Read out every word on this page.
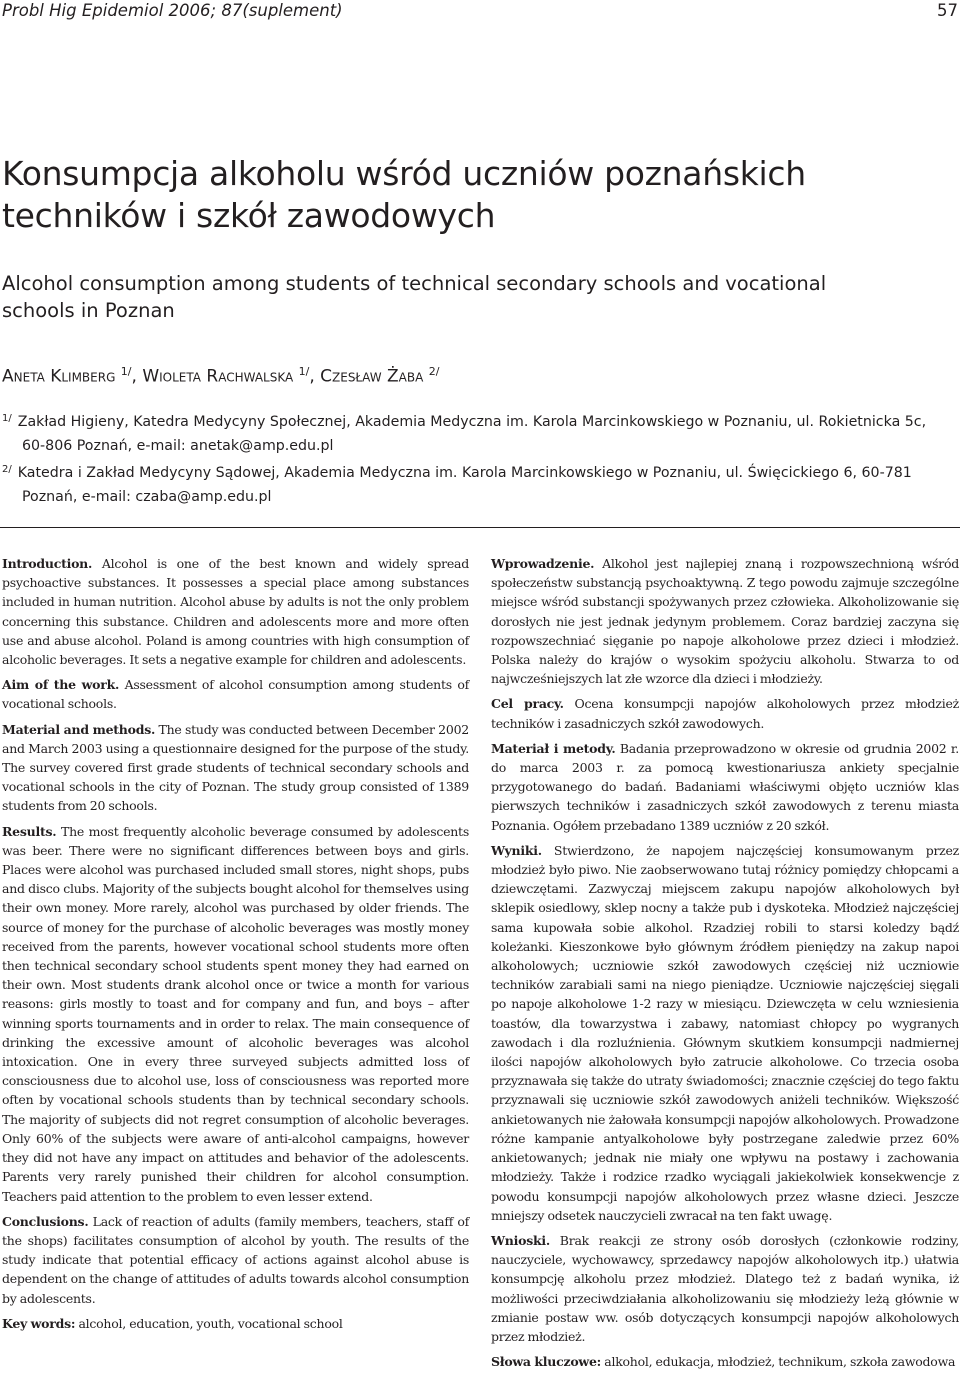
Probl Hig Epidemiol 2006; 87(suplement)	57
Konsumpcja alkoholu wśród uczniów poznańskich
techników i szkół zawodowych
Alcohol consumption among students of technical secondary schools and vocational
schools in Poznan
Aneta Klimberg $^{1/}$, Wioleta Rachwalska $^{1/}$, Czesław Żaba $^{2/}$

$^{1/}$ Zakład Higieny, Katedra Medycyny Społecznej, Akademia Medyczna im. Karola Marcinkowskiego w Poznaniu, ul. Rokietnicka 5c,
60-806 Poznań, e-mail: anetak@amp.edu.pl

$^{2/}$ Katedra i Zakład Medycyny Sądowej, Akademia Medyczna im. Karola Marcinkowskiego w Poznaniu, ul. Święcickiego 6, 60-781
Poznań, e-mail: czaba@amp.edu.pl

Introduction. Alcohol is one of the best known and widely spread psychoactive substances. It possesses a special place among substances included in human nutrition. Alcohol abuse by adults is not the only problem concerning this substance. Children and adolescents more and more often use and abuse alcohol. Poland is among countries with high consumption of alcoholic beverages. It sets a negative example for children and adolescents.

Aim of the work. Assessment of alcohol consumption among students of vocational schools.

Material and methods. The study was conducted between December 2002 and March 2003 using a questionnaire designed for the purpose of the study. The survey covered first grade students of technical secondary schools and vocational schools in the city of Poznan. The study group consisted of 1389 students from 20 schools.

Results. The most frequently alcoholic beverage consumed by adolescents was beer. There were no significant differences between boys and girls. Places were alcohol was purchased included small stores, night shops, pubs and disco clubs. Majority of the subjects bought alcohol for themselves using their own money. More rarely, alcohol was purchased by older friends. The source of money for the purchase of alcoholic beverages was mostly money received from the parents, however vocational school students more often then technical secondary school students spent money they had earned on their own. Most students drank alcohol once or twice a month for various reasons: girls mostly to toast and for company and fun, and boys – after winning sports tournaments and in order to relax. The main consequence of drinking the excessive amount of alcoholic beverages was alcohol intoxication. One in every three surveyed subjects admitted loss of consciousness due to alcohol use, loss of consciousness was reported more often by vocational schools students than by technical secondary schools. The majority of subjects did not regret consumption of alcoholic beverages. Only 60% of the subjects were aware of anti-alcohol campaigns, however they did not have any impact on attitudes and behavior of the adolescents. Parents very rarely punished their children for alcohol consumption. Teachers paid attention to the problem to even lesser extend.

Conclusions. Lack of reaction of adults (family members, teachers, staff of the shops) facilitates consumption of alcohol by youth. The results of the study indicate that potential efficacy of actions against alcohol abuse is dependent on the change of attitudes of adults towards alcohol consumption by adolescents.

Key words: alcohol, education, youth, vocational school

Wprowadzenie. Alkohol jest najlepiej znaną i rozpowszechnioną wśród społeczeństw substancją psychoaktywną. Z tego powodu zajmuje szczególne miejsce wśród substancji spożywanych przez człowieka. Alkoholizowanie się dorosłych nie jest jednak jedynym problemem. Coraz bardziej zaczyna się rozpowszechniać sięganie po napoje alkoholowe przez dzieci i młodzież. Polska należy do krajów o wysokim spożyciu alkoholu. Stwarza to od najwcześniejszych lat złe wzorce dla dzieci i młodzieży.

Cel pracy. Ocena konsumpcji napojów alkoholowych przez młodzież techników i zasadniczych szkół zawodowych.

Materiał i metody. Badania przeprowadzono w okresie od grudnia 2002 r. do marca 2003 r. za pomocą kwestionariusza ankiety specjalnie przygotowanego do badań. Badaniami właściwymi objęto uczniów klas pierwszych techników i zasadniczych szkół zawodowych z terenu miasta Poznania. Ogółem przebadano 1389 uczniów z 20 szkół.

Wyniki. Stwierdzono, że napojem najczęściej konsumowanym przez młodzież było piwo. Nie zaobserwowano tutaj różnicy pomiędzy chłopcami a dziewczętami. Zazwyczaj miejscem zakupu napojów alkoholowych był sklepik osiedlowy, sklep nocny a także pub i dyskoteka. Młodzież najczęściej sama kupowała sobie alkohol. Rzadziej robili to starsi koledzy bądź koleżanki. Kieszonkowe było głównym źródłem pieniędzy na zakup napoi alkoholowych; uczniowie szkół zawodowych częściej niż uczniowie techników zarabiali sami na niego pieniądze. Uczniowie najczęściej sięgali po napoje alkoholowe 1-2 razy w miesiącu. Dziewczęta w celu wzniesienia toastów, dla towarzystwa i zabawy, natomiast chłopcy po wygranych zawodach i dla rozluźnienia. Głównym skutkiem konsumpcji nadmiernej ilości napojów alkoholowych było zatrucie alkoholowe. Co trzecia osoba przyznawała się także do utraty świadomości; znacznie częściej do tego faktu przyznawali się uczniowie szkół zawodowych aniżeli techników. Większość ankietowanych nie żałowała konsumpcji napojów alkoholowych. Prowadzone różne kampanie antyalkoholowe były postrzegane zaledwie przez 60% ankietowanych; jednak nie miały one wpływu na postawy i zachowania młodzieży. Także i rodzice rzadko wyciągali jakiekolwiek konsekwencje z powodu konsumpcji napojów alkoholowych przez własne dzieci. Jeszcze mniejszy odsetek nauczycieli zwracał na ten fakt uwagę.

Wnioski. Brak reakcji ze strony osób dorosłych (członkowie rodziny, nauczyciele, wychowawcy, sprzedawcy napojów alkoholowych itp.) ułatwia konsumpcję alkoholu przez młodzież. Dlatego też z badań wynika, iż możliwości przeciwdziałania alkoholizowaniu się młodzieży leżą głównie w zmianie postaw ww. osób dotyczących konsumpcji napojów alkoholowych przez młodzież.

Słowa kluczowe: alkohol, edukacja, młodzież, technikum, szkoła zawodowa
